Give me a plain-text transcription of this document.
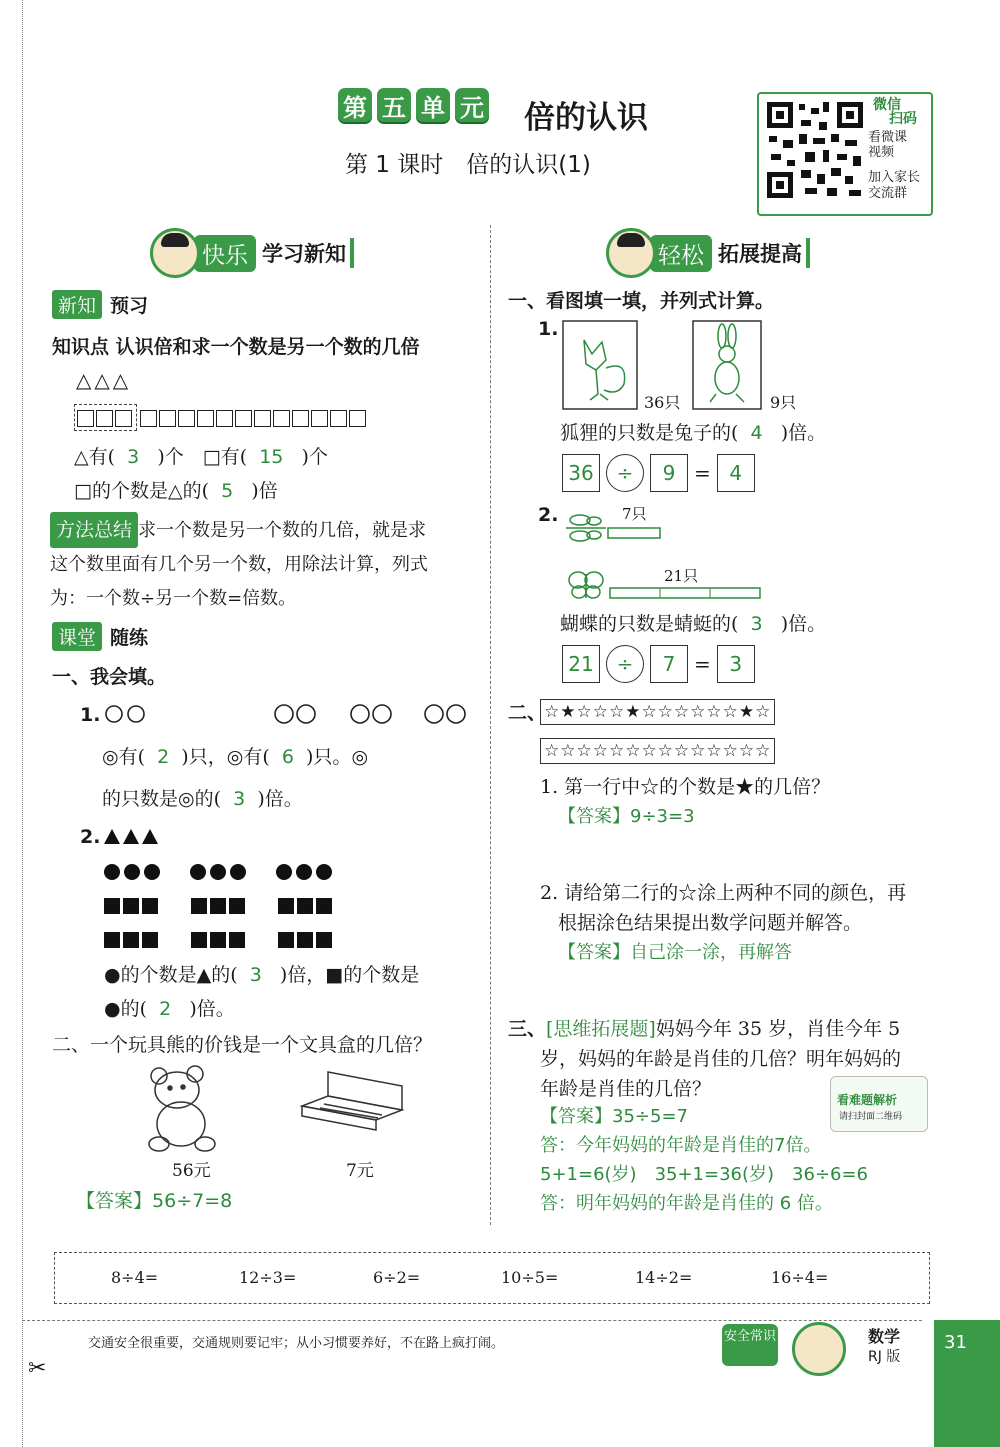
第 五 单 元 倍的认识
第 1 课时　倍的认识(1)
微信
扫码
看微课
视频
加入家长
交流群
快乐 学习新知
新知 预习
知识点 认识倍和求一个数是另一个数的几倍
△△△
△有( 3 )个　□有( 15 )个
□的个数是△的( 5 )倍
方法总结 求一个数是另一个数的几倍，就是求
这个数里面有几个另一个数，用除法计算，列式
为：一个数÷另一个数=倍数。
课堂 随练
一、我会填。
1.
◎有( 2 )只，◎有( 6 )只。◎
的只数是◎的( 3 )倍。
2.
●的个数是▲的( 3 )倍，■的个数是
●的( 2 )倍。
二、一个玩具熊的价钱是一个文具盒的几倍？
56元	7元
【答案】56÷7=8
轻松 拓展提高
一、看图填一填，并列式计算。
1.
36只	9只
狐狸的只数是兔子的( 4 )倍。
36	÷	9 = 4
2.	7只
21只
蝴蝶的只数是蜻蜓的( 3 )倍。
21	÷	7 = 3
二、
☆★☆☆☆★☆☆☆☆☆☆★☆
☆☆☆☆☆☆☆☆☆☆☆☆☆☆
1. 第一行中☆的个数是★的几倍？
【答案】9÷3=3
2. 请给第二行的☆涂上两种不同的颜色，再
根据涂色结果提出数学问题并解答。
【答案】自己涂一涂，再解答
三、[思维拓展题]妈妈今年 35 岁，肖佳今年 5
岁，妈妈的年龄是肖佳的几倍？明年妈妈的
年龄是肖佳的几倍？	看难题解析
请扫封面二维码
【答案】35÷5=7
答：今年妈妈的年龄是肖佳的7倍。
5+1=6(岁)　35+1=36(岁)　36÷6=6
答：明年妈妈的年龄是肖佳的 6 倍。
8÷4=	12÷3=	6÷2=	10÷5=	14÷2=	16÷4=
✂
交通安全很重要，交通规则要记牢；从小习惯要养好，不在路上疯打闹。	安全常识	数学
RJ 版
31
